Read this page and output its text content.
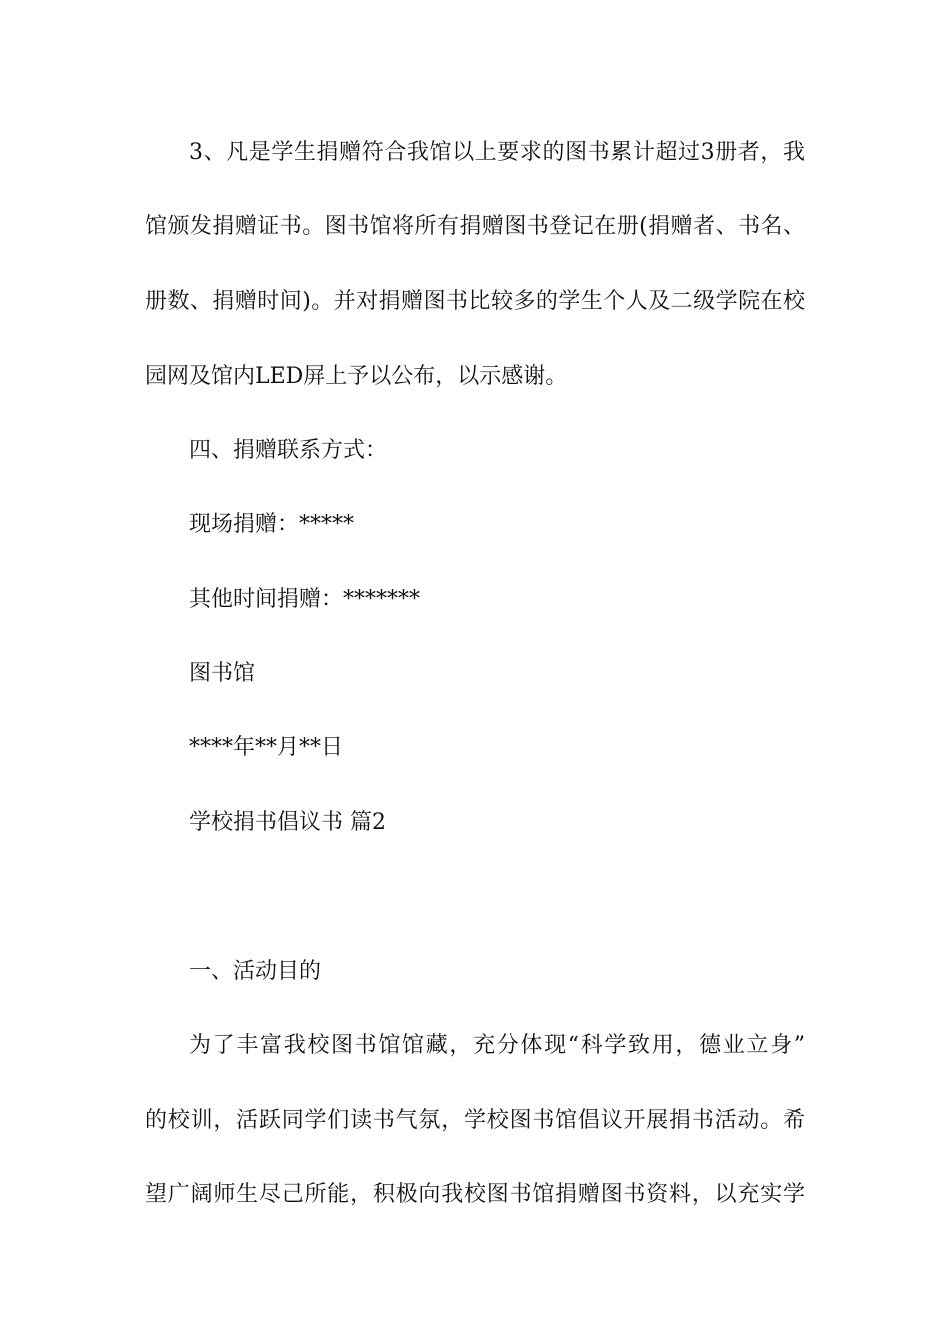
3、凡是学生捐赠符合我馆以上要求的图书累计超过3册者，我
馆颁发捐赠证书。图书馆将所有捐赠图书登记在册(捐赠者、书名、
册数、捐赠时间)。并对捐赠图书比较多的学生个人及二级学院在校
园网及馆内LED屏上予以公布，以示感谢。
四、捐赠联系方式：
现场捐赠：*****
其他时间捐赠：*******
图书馆
****年**月**日
学校捐书倡议书 篇2
一、活动目的
为了丰富我校图书馆馆藏，充分体现“科学致用，德业立身”
的校训，活跃同学们读书气氛，学校图书馆倡议开展捐书活动。希
望广阔师生尽己所能，积极向我校图书馆捐赠图书资料，以充实学
